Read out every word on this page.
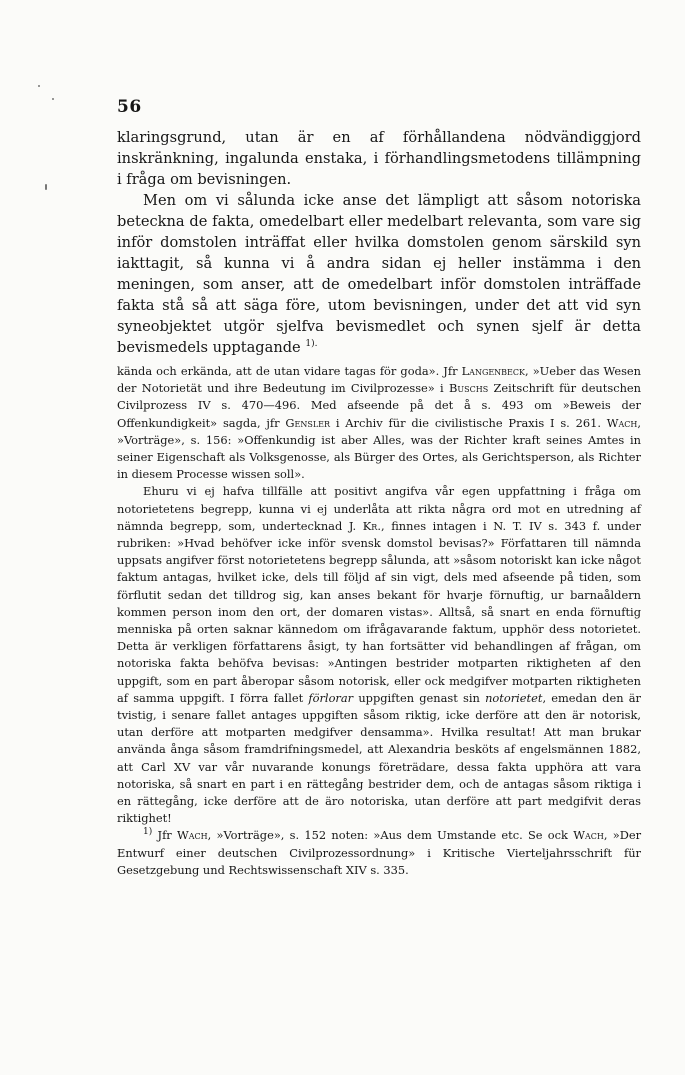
56

klaringsgrund, utan är en af förhållandena nödvändiggjord inskränkning, ingalunda enstaka, i förhandlingsmetodens tillämpning i fråga om bevisningen.

Men om vi sålunda icke anse det lämpligt att såsom notoriska beteckna de fakta, omedelbart eller medelbart relevanta, som vare sig inför domstolen inträffat eller hvilka domstolen genom särskild syn iakttagit, så kunna vi å andra sidan ej heller instämma i den meningen, som anser, att de omedelbart inför domstolen inträffade fakta stå så att säga före, utom bevisningen, under det att vid syn syneobjektet utgör sjelfva bevismedlet och synen sjelf är detta bevismedels upptagande $^{1).}$

kända och erkända, att de utan vidare tagas för goda». Jfr Langenbeck, »Ueber das Wesen der Notorietät und ihre Bedeutung im Civilprozesse» i Buschs Zeitschrift für deutschen Civilprozess IV s. 470—496. Med afseende på det å s. 493 om »Beweis der Offenkundigkeit» sagda, jfr Gensler i Archiv für die civilistische Praxis I s. 261. Wach, »Vorträge», s. 156: »Offenkundig ist aber Alles, was der Richter kraft seines Amtes in seiner Eigenschaft als Volksgenosse, als Bürger des Ortes, als Gerichtsperson, als Richter in diesem Processe wissen soll».

Ehuru vi ej hafva tillfälle att positivt angifva vår egen uppfattning i fråga om notorietetens begrepp, kunna vi ej underlåta att rikta några ord mot en utredning af nämnda begrepp, som, undertecknad J. Kr., finnes intagen i N. T. IV s. 343 f. under rubriken: »Hvad behöfver icke inför svensk domstol bevisas?» Författaren till nämnda uppsats angifver först notorietetens begrepp sålunda, att »såsom notoriskt kan icke något faktum antagas, hvilket icke, dels till följd af sin vigt, dels med afseende på tiden, som förflutit sedan det tilldrog sig, kan anses bekant för hvarje förnuftig, ur barnaåldern kommen person inom den ort, der domaren vistas». Alltså, så snart en enda förnuftig menniska på orten saknar kännedom om ifrågavarande faktum, upphör dess notorietet. Detta är verkligen författarens åsigt, ty han fortsätter vid behandlingen af frågan, om notoriska fakta behöfva bevisas: »Antingen bestrider motparten riktigheten af den uppgift, som en part åberopar såsom notorisk, eller ock medgifver motparten riktigheten af samma uppgift. I förra fallet förlorar uppgiften genast sin notorietet, emedan den är tvistig, i senare fallet antages uppgiften såsom riktig, icke derföre att den är notorisk, utan derföre att motparten medgifver densamma». Hvilka resultat! Att man brukar använda ånga såsom framdrifningsmedel, att Alexandria besköts af engelsmännen 1882, att Carl XV var vår nuvarande konungs företrädare, dessa fakta upphöra att vara notoriska, så snart en part i en rättegång bestrider dem, och de antagas såsom riktiga i en rättegång, icke derföre att de äro notoriska, utan derföre att part medgifvit deras riktighet!

$^{1)}$ Jfr Wach, »Vorträge», s. 152 noten: »Aus dem Umstande etc. Se ock Wach, »Der Entwurf einer deutschen Civilprozessordnung» i Kritische Vierteljahrsschrift für Gesetzgebung und Rechtswissenschaft XIV s. 335.
